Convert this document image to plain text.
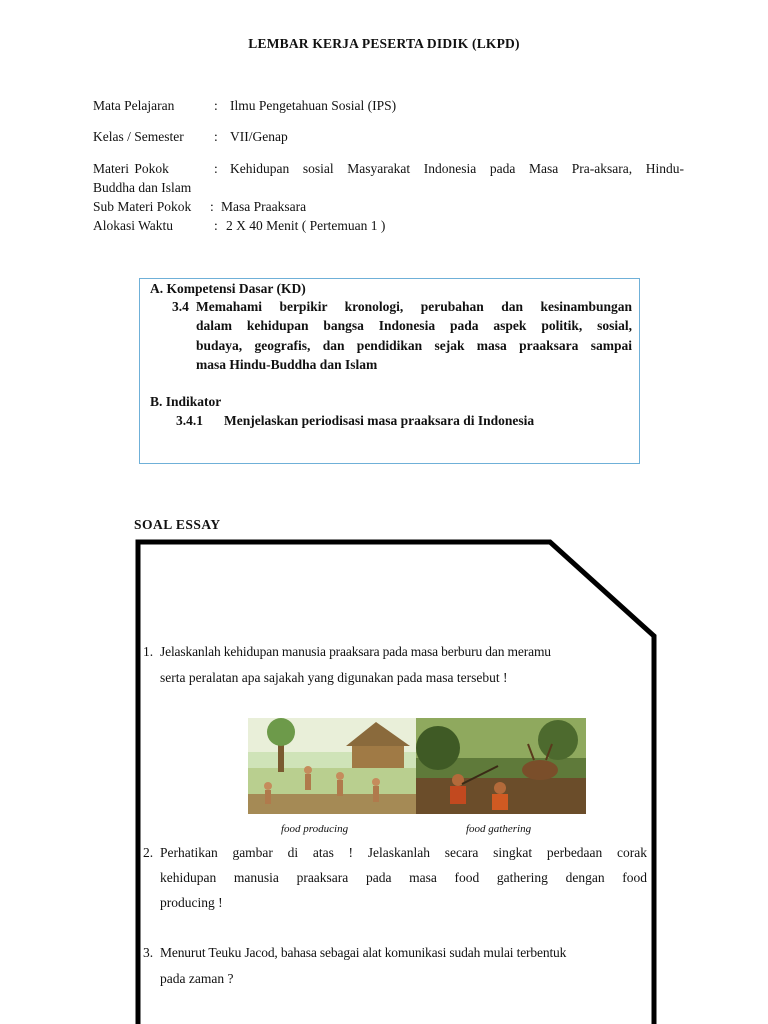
LEMBAR KERJA PESERTA DIDIK (LKPD)
Mata Pelajaran	: Ilmu Pengetahuan Sosial (IPS)
Kelas / Semester : VII/Genap
Materi Pokok	: Kehidupan sosial Masyarakat Indonesia pada Masa Pra-aksara, Hindu-
Buddha dan Islam
Sub Materi Pokok : Masa Praaksara
Alokasi Waktu	: 2 X 40 Menit ( Pertemuan 1 )
A. Kompetensi Dasar (KD)
3.4 Memahami berpikir kronologi, perubahan dan kesinambungan
dalam kehidupan bangsa Indonesia pada aspek politik, sosial,
budaya, geografis, dan pendidikan sejak masa praaksara sampai
masa Hindu-Buddha dan Islam
B. Indikator
3.4.1 Menjelaskan periodisasi masa praaksara di Indonesia
SOAL ESSAY
1. Jelaskanlah kehidupan manusia praaksara pada masa berburu dan meramu
serta peralatan apa sajakah yang digunakan pada masa tersebut !
food producing	food gathering
2. Perhatikan gambar di atas ! Jelaskanlah secara singkat perbedaan corak
kehidupan manusia praaksara pada masa food gathering dengan food
producing !
3. Menurut Teuku Jacod, bahasa sebagai alat komunikasi sudah mulai terbentuk
pada zaman ?
